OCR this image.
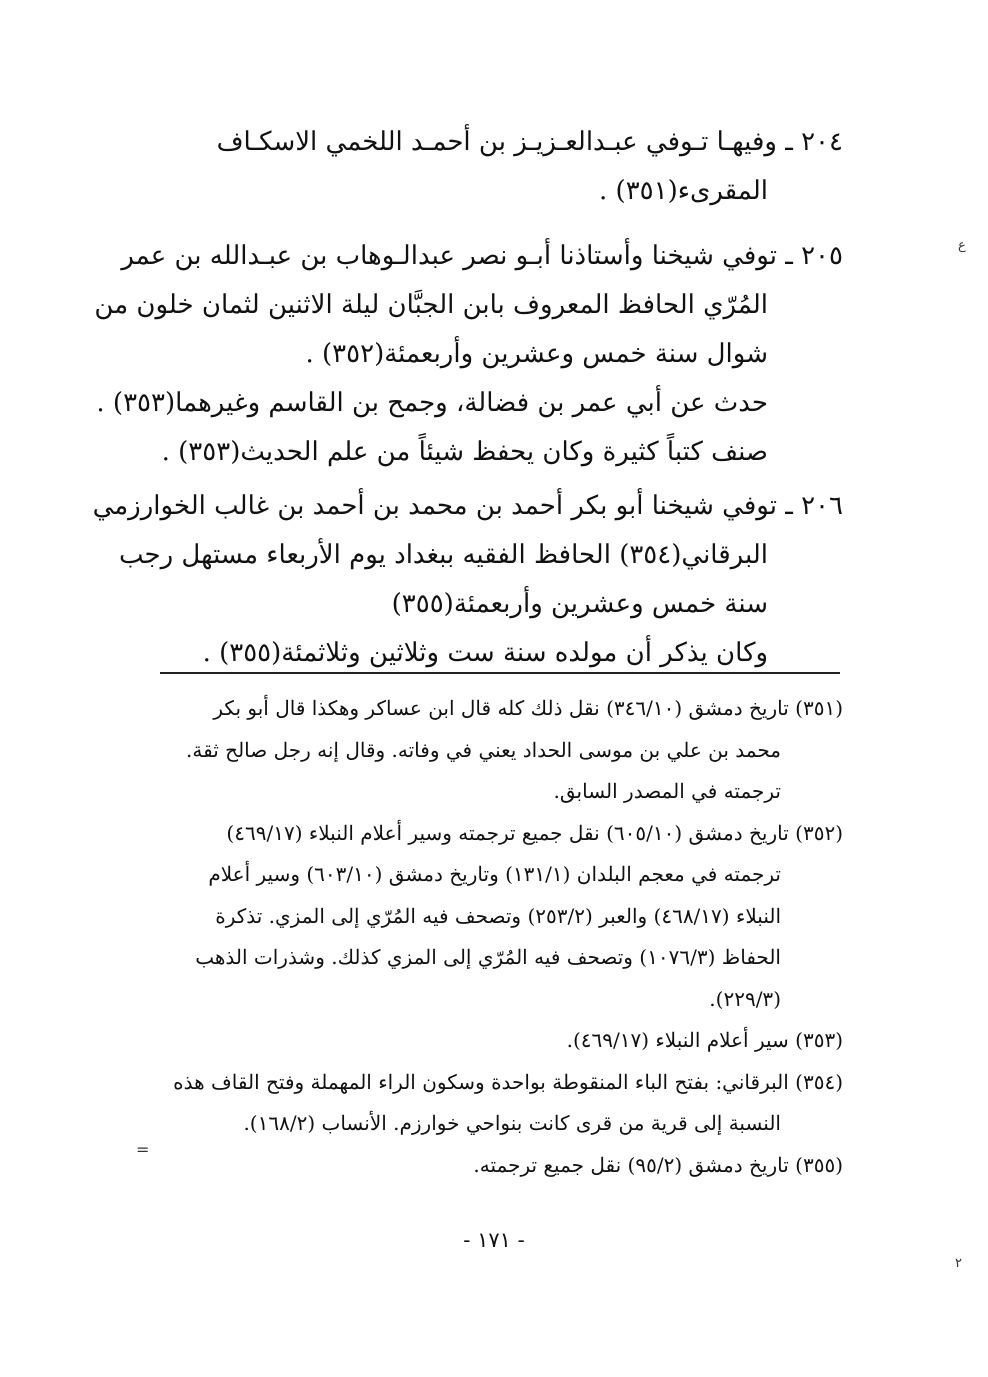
٢٠٤ ـ وفيهـا تـوفي عبـدالعـزيـز بن أحمـد اللخمي الاسكـاف
المقرىء(٣٥١) .
٢٠٥ ـ توفي شيخنا وأستاذنا أبـو نصر عبدالـوهاب بن عبـدالله بن عمر
المُرّي الحافظ المعروف بابن الجبَّان ليلة الاثنين لثمان خلون من
شوال سنة خمس وعشرين وأربعمئة(٣٥٢) .
حدث عن أبي عمر بن فضالة، وجمح بن القاسم وغيرهما(٣٥٣) .
صنف كتباً كثيرة وكان يحفظ شيئاً من علم الحديث(٣٥٣) .
٢٠٦ ـ توفي شيخنا أبو بكر أحمد بن محمد بن أحمد بن غالب الخوارزمي
البرقاني(٣٥٤) الحافظ الفقيه ببغداد يوم الأربعاء مستهل رجب
سنة خمس وعشرين وأربعمئة(٣٥٥)
وكان يذكر أن مولده سنة ست وثلاثين وثلاثمئة(٣٥٥) .
(٣٥١) تاريخ دمشق (٣٤٦/١٠) نقل ذلك كله قال ابن عساكر وهكذا قال أبو بكر
محمد بن علي بن موسى الحداد يعني في وفاته. وقال إنه رجل صالح ثقة.
ترجمته في المصدر السابق.
(٣٥٢) تاريخ دمشق (٦٠٥/١٠) نقل جميع ترجمته وسير أعلام النبلاء (٤٦٩/١٧)
ترجمته في معجم البلدان (١٣١/١) وتاريخ دمشق (٦٠٣/١٠) وسير أعلام
النبلاء (٤٦٨/١٧) والعبر (٢٥٣/٢) وتصحف فيه المُرّي إلى المزي. تذكرة
الحفاظ (١٠٧٦/٣) وتصحف فيه المُرّي إلى المزي كذلك. وشذرات الذهب
(٢٢٩/٣).
(٣٥٣) سير أعلام النبلاء (٤٦٩/١٧).
(٣٥٤) البرقاني: بفتح الباء المنقوطة بواحدة وسكون الراء المهملة وفتح القاف هذه
النسبة إلى قرية من قرى كانت بنواحي خوارزم. الأنساب (١٦٨/٢).
(٣٥٥) تاريخ دمشق (٩٥/٢) نقل جميع ترجمته.
- ١٧١ -
=
ع
٢
